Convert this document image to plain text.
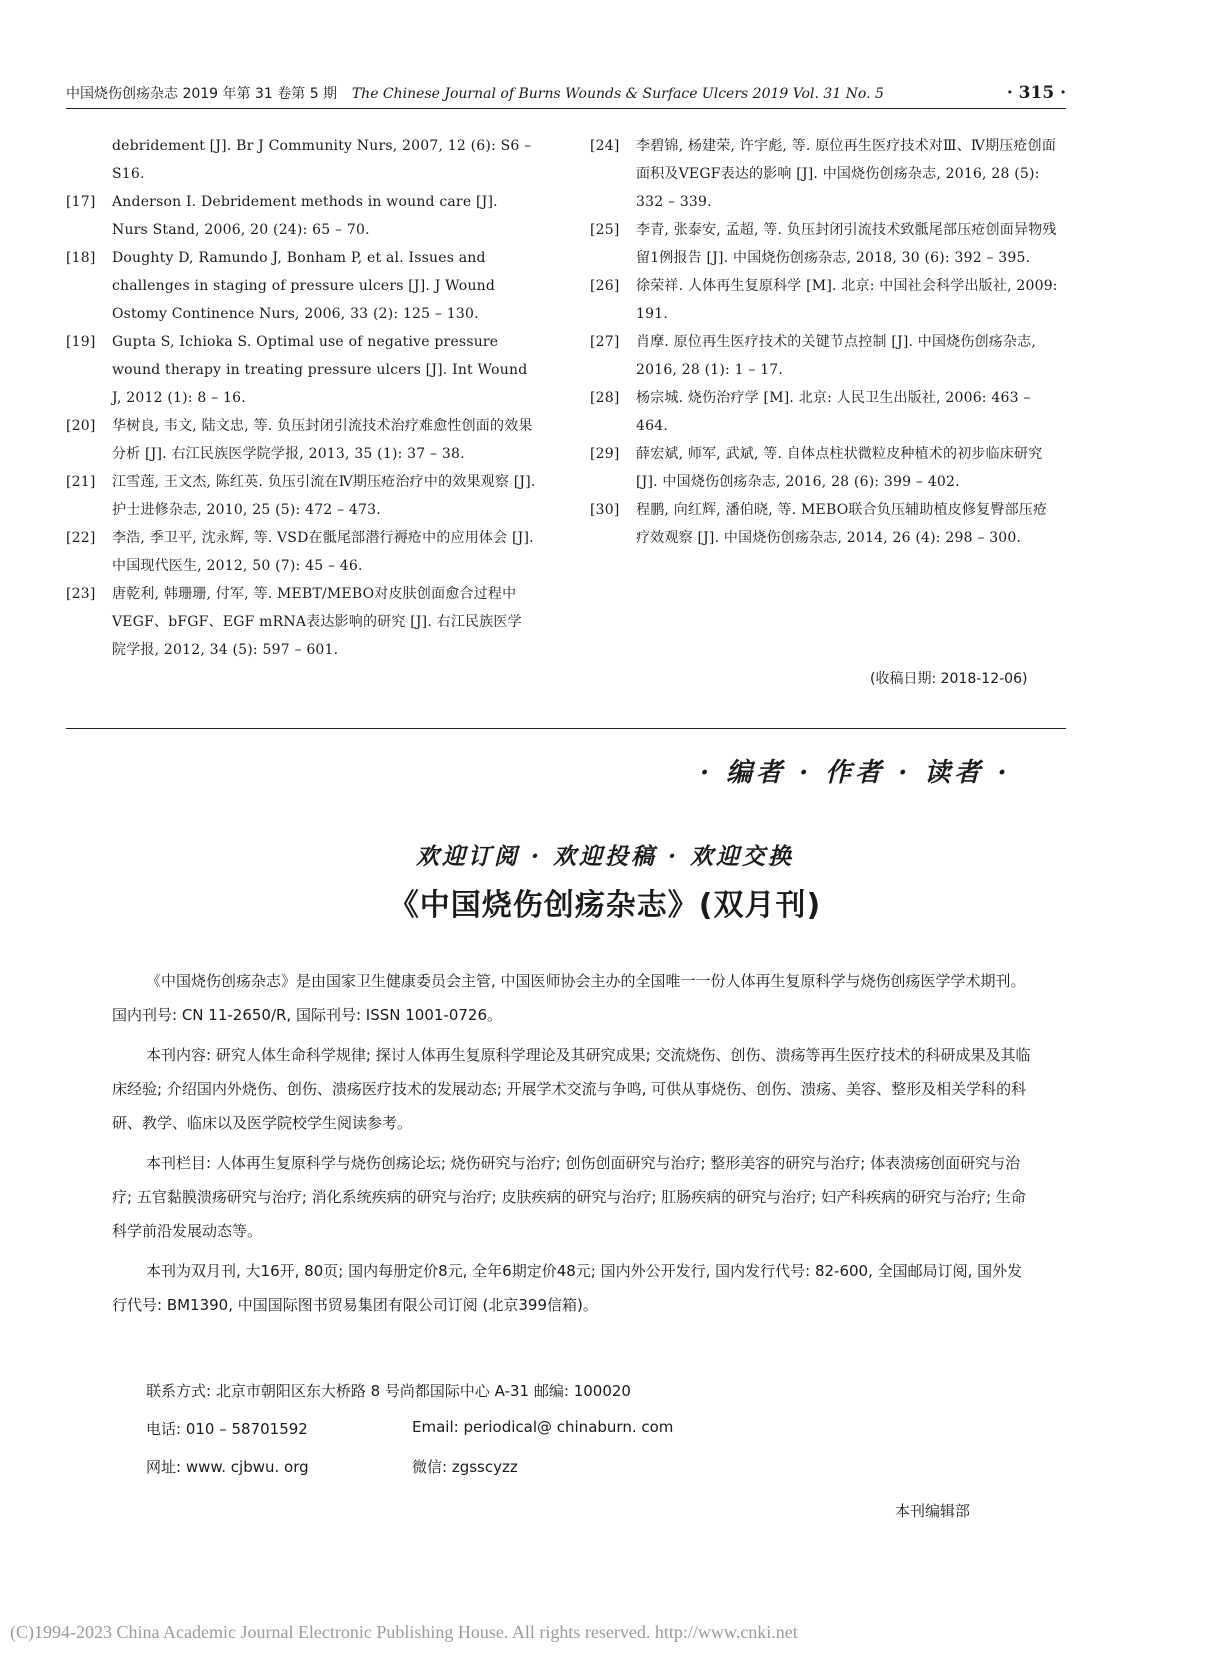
中国烧伤创疡杂志 2019 年第 31 卷第 5 期 The Chinese Journal of Burns Wounds & Surface Ulcers 2019 Vol. 31 No. 5	· 315 ·
debridement [J]. Br J Community Nurs, 2007, 12 (6): S6 – S16.
[17]	Anderson I. Debridement methods in wound care [J]. Nurs Stand, 2006, 20 (24): 65 – 70.
[18]	Doughty D, Ramundo J, Bonham P, et al. Issues and challenges in staging of pressure ulcers [J]. J Wound Ostomy Continence Nurs, 2006, 33 (2): 125 – 130.
[19]	Gupta S, Ichioka S. Optimal use of negative pressure wound therapy in treating pressure ulcers [J]. Int Wound J, 2012 (1): 8 – 16.
[20]	华树良, 韦文, 陆文忠, 等. 负压封闭引流技术治疗难愈性创面的效果分析 [J]. 右江民族医学院学报, 2013, 35 (1): 37 – 38.
[21]	江雪莲, 王文杰, 陈红英. 负压引流在Ⅳ期压疮治疗中的效果观察 [J]. 护士进修杂志, 2010, 25 (5): 472 – 473.
[22]	李浩, 季卫平, 沈永辉, 等. VSD在骶尾部潜行褥疮中的应用体会 [J]. 中国现代医生, 2012, 50 (7): 45 – 46.
[23]	唐乾利, 韩珊珊, 付军, 等. MEBT/MEBO对皮肤创面愈合过程中VEGF、bFGF、EGF mRNA表达影响的研究 [J]. 右江民族医学院学报, 2012, 34 (5): 597 – 601.
[24]	李碧锦, 杨建荣, 许宇彪, 等. 原位再生医疗技术对Ⅲ、Ⅳ期压疮创面面积及VEGF表达的影响 [J]. 中国烧伤创疡杂志, 2016, 28 (5): 332 – 339.
[25]	李青, 张泰安, 孟超, 等. 负压封闭引流技术致骶尾部压疮创面异物残留1例报告 [J]. 中国烧伤创疡杂志, 2018, 30 (6): 392 – 395.
[26]	徐荣祥. 人体再生复原科学 [M]. 北京: 中国社会科学出版社, 2009: 191.
[27]	肖摩. 原位再生医疗技术的关键节点控制 [J]. 中国烧伤创疡杂志, 2016, 28 (1): 1 – 17.
[28]	杨宗城. 烧伤治疗学 [M]. 北京: 人民卫生出版社, 2006: 463 – 464.
[29]	薛宏斌, 师军, 武斌, 等. 自体点柱状微粒皮种植术的初步临床研究 [J]. 中国烧伤创疡杂志, 2016, 28 (6): 399 – 402.
[30]	程鹏, 向红辉, 潘伯晓, 等. MEBO联合负压辅助植皮修复臀部压疮疗效观察 [J]. 中国烧伤创疡杂志, 2014, 26 (4): 298 – 300.
(收稿日期: 2018-12-06)
· 编者 · 作者 · 读者 ·
欢迎订阅 · 欢迎投稿 · 欢迎交换
《中国烧伤创疡杂志》(双月刊)

《中国烧伤创疡杂志》是由国家卫生健康委员会主管, 中国医师协会主办的全国唯一一份人体再生复原科学与烧伤创疡医学学术期刊。国内刊号: CN 11-2650/R, 国际刊号: ISSN 1001-0726。

本刊内容: 研究人体生命科学规律; 探讨人体再生复原科学理论及其研究成果; 交流烧伤、创伤、溃疡等再生医疗技术的科研成果及其临床经验; 介绍国内外烧伤、创伤、溃疡医疗技术的发展动态; 开展学术交流与争鸣, 可供从事烧伤、创伤、溃疡、美容、整形及相关学科的科研、教学、临床以及医学院校学生阅读参考。

本刊栏目: 人体再生复原科学与烧伤创疡论坛; 烧伤研究与治疗; 创伤创面研究与治疗; 整形美容的研究与治疗; 体表溃疡创面研究与治疗; 五官黏膜溃疡研究与治疗; 消化系统疾病的研究与治疗; 皮肤疾病的研究与治疗; 肛肠疾病的研究与治疗; 妇产科疾病的研究与治疗; 生命科学前沿发展动态等。

本刊为双月刊, 大16开, 80页; 国内每册定价8元, 全年6期定价48元; 国内外公开发行, 国内发行代号: 82-600, 全国邮局订阅, 国外发行代号: BM1390, 中国国际图书贸易集团有限公司订阅 (北京399信箱)。

联系方式: 北京市朝阳区东大桥路 8 号尚都国际中心 A-31 邮编: 100020
电话: 010 – 58701592	Email: periodical@ chinaburn. com
网址: www. cjbwu. org	微信: zgsscyzz
本刊编辑部
(C)1994-2023 China Academic Journal Electronic Publishing House. All rights reserved. http://www.cnki.net
